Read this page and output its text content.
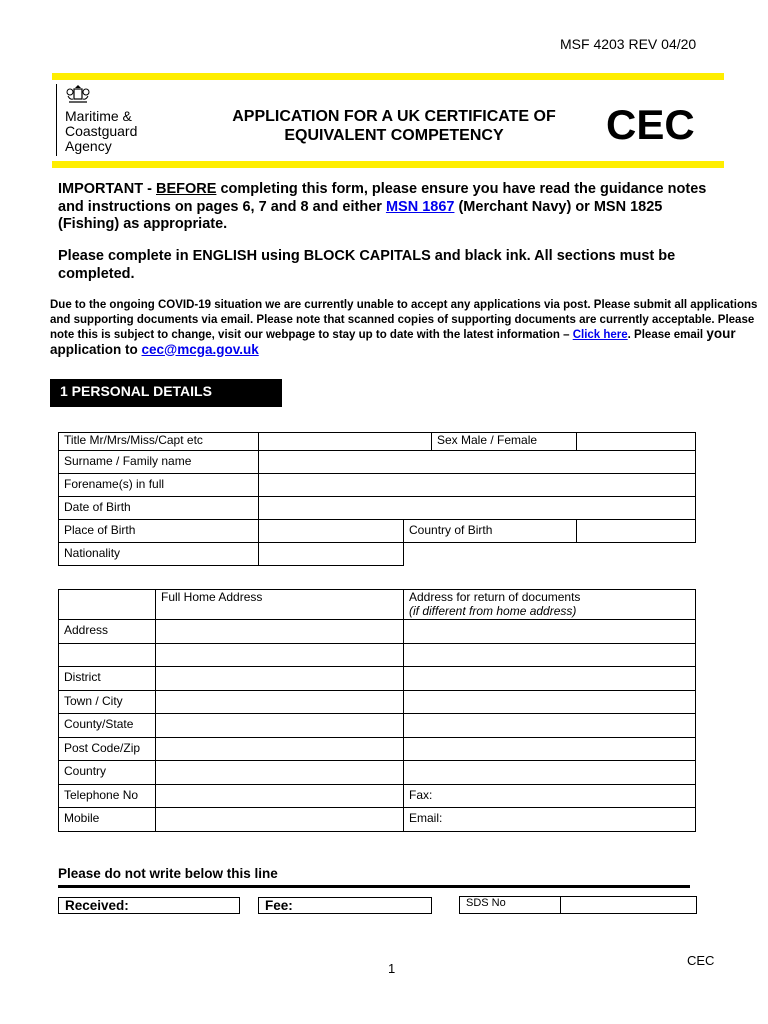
MSF 4203 REV 04/20
Maritime &
Coastguard
Agency
APPLICATION FOR A UK CERTIFICATE OF
EQUIVALENT COMPETENCY	CEC
IMPORTANT - BEFORE completing this form, please ensure you have read the guidance notes and instructions on pages 6, 7 and 8 and either MSN 1867 (Merchant Navy) or MSN 1825 (Fishing) as appropriate.
Please complete in ENGLISH using BLOCK CAPITALS and black ink. All sections must be completed.
Due to the ongoing COVID-19 situation we are currently unable to accept any applications via post. Please submit all applications and supporting documents via email. Please note that scanned copies of supporting documents are currently acceptable. Please note this is subject to change, visit our webpage to stay up to date with the latest information – Click here. Please email your application to cec@mcga.gov.uk
1 PERSONAL DETAILS
Title Mr/Mrs/Miss/Capt etc			Sex Male / Female	
Surname / Family name				
Forename(s) in full				
Date of Birth				
Place of Birth		Country of Birth		
Nationality				
	Full Home Address	Address for return of documents
(if different from home address)

Address		

District		
Town / City		
County/State		
Post Code/Zip		
Country		
Telephone No		Fax:
Mobile		Email:
Please do not write below this line
Received:	Fee:	SDS No
1
CEC
